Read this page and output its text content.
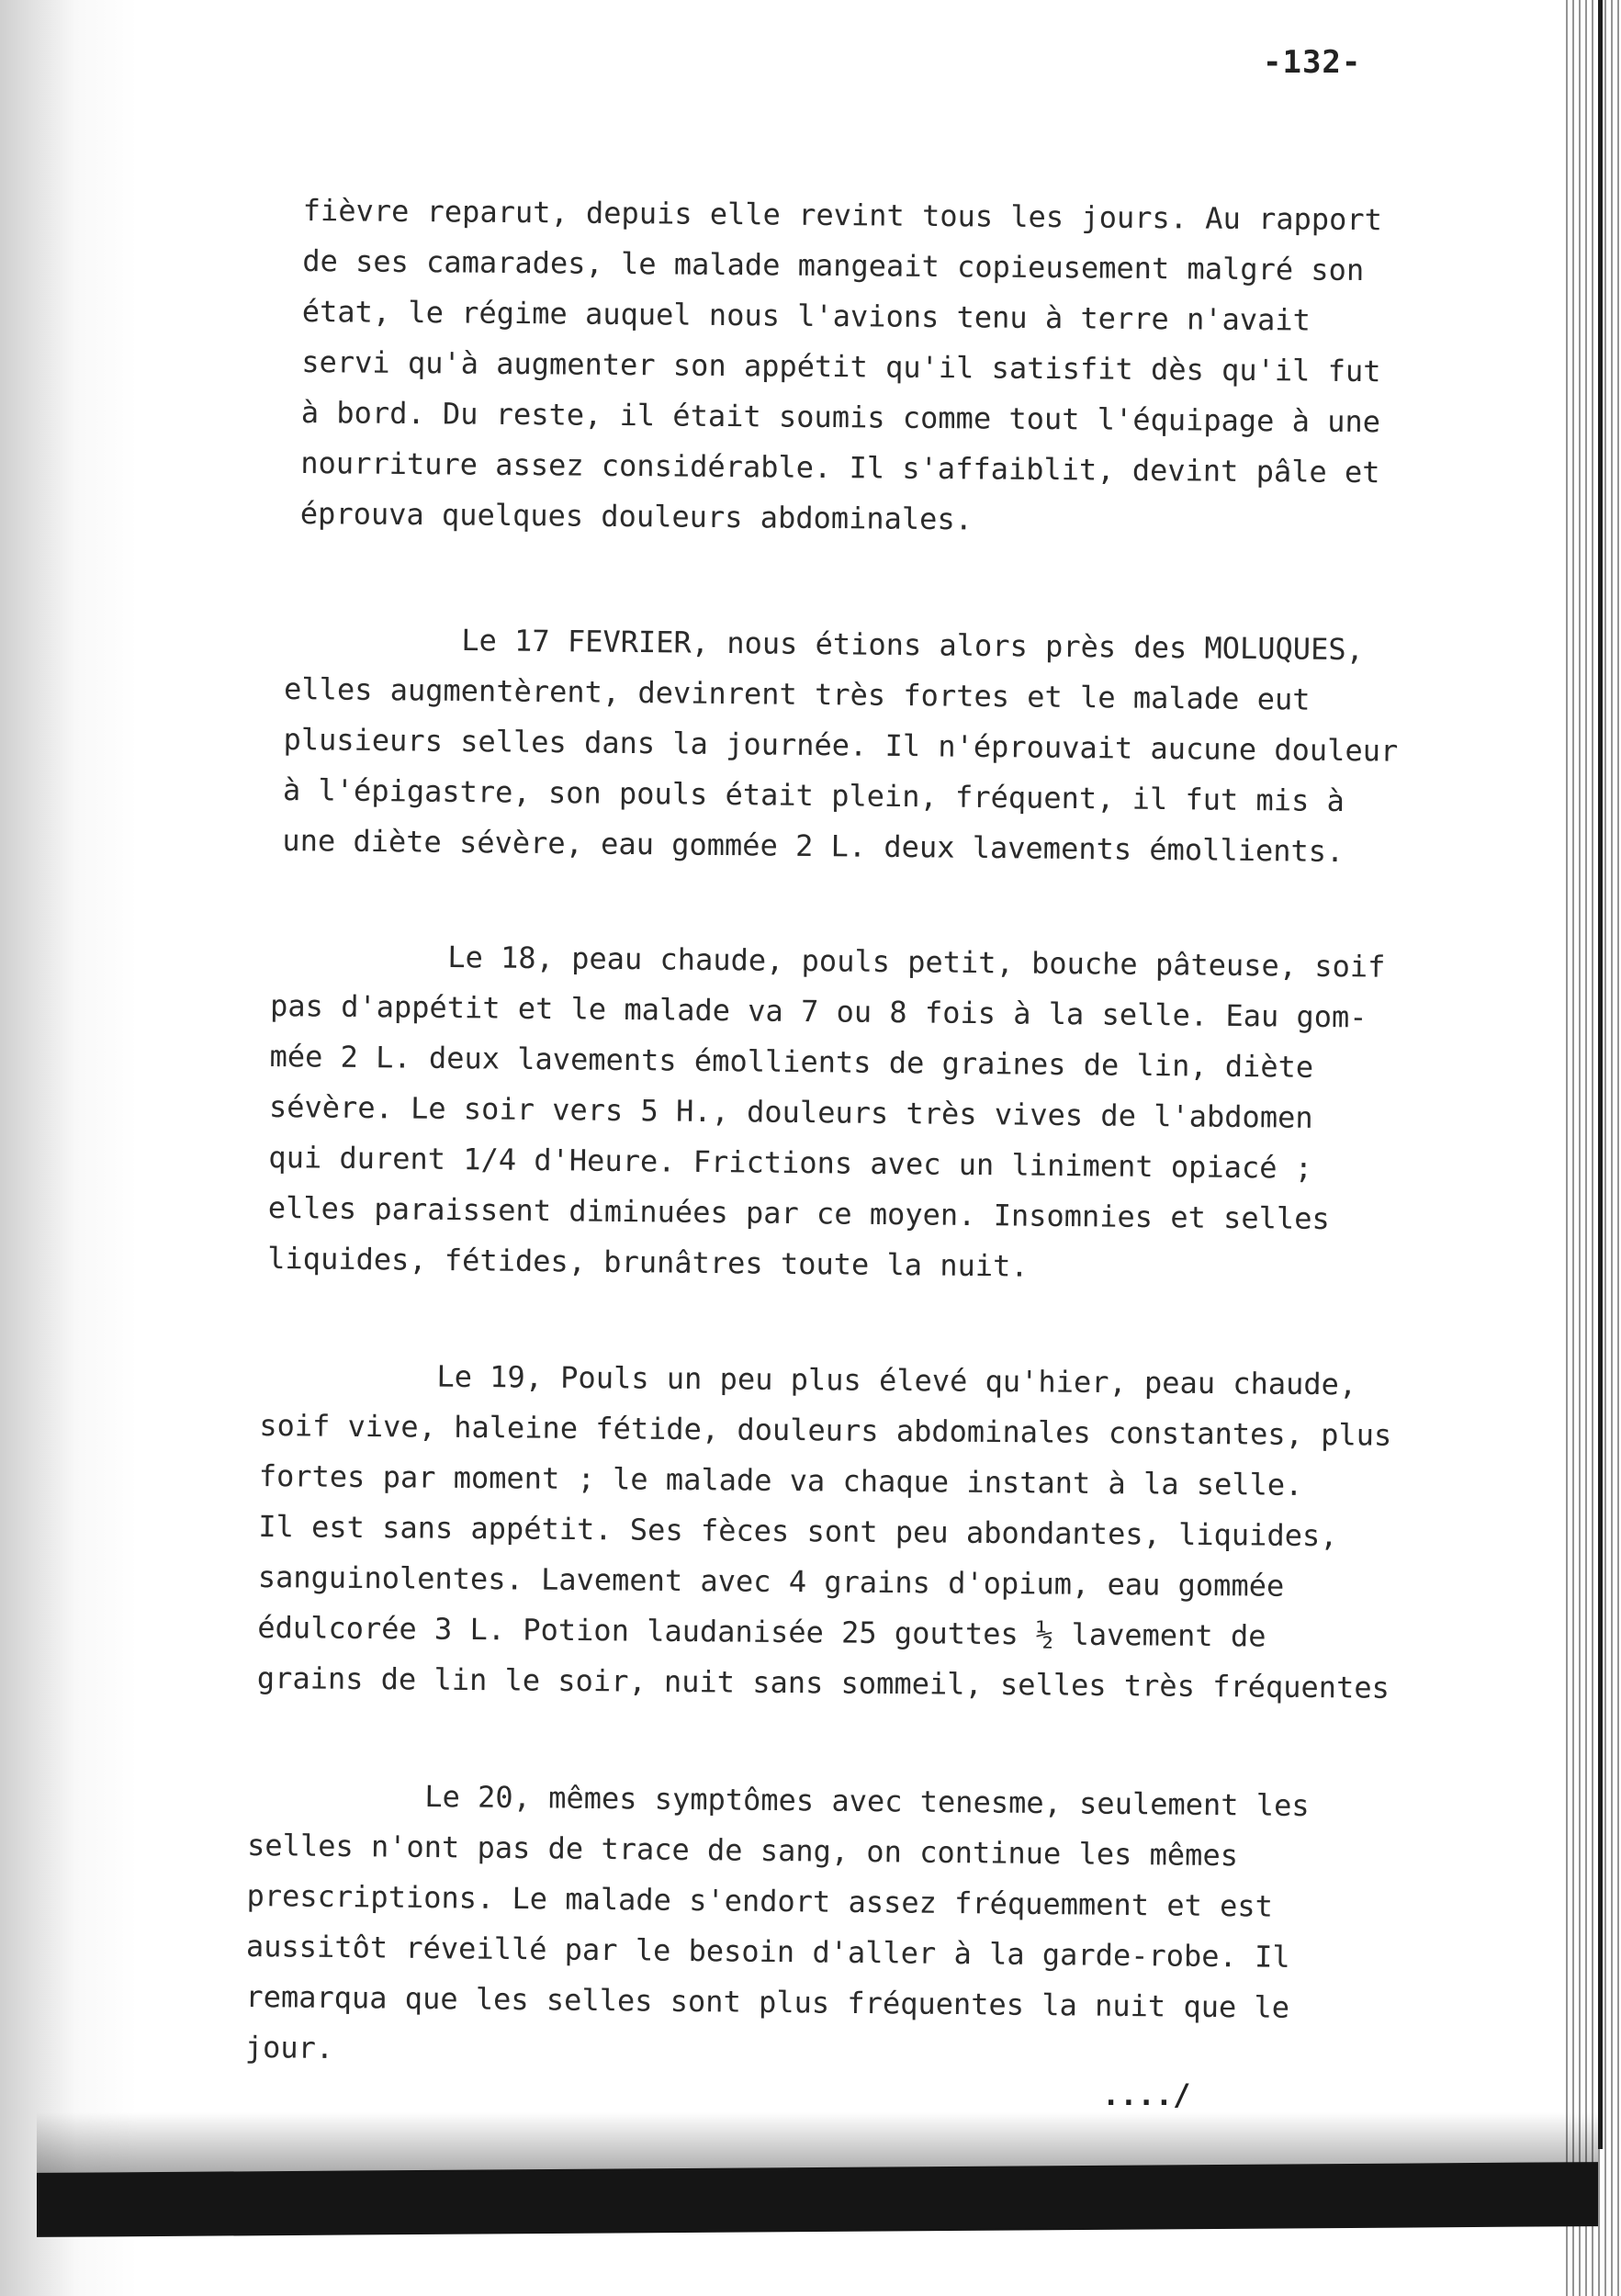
-132-
fièvre reparut, depuis elle revint tous les jours. Au rapport
de ses camarades, le malade mangeait copieusement malgré son
état, le régime auquel nous l'avions tenu à terre n'avait
servi qu'à augmenter son appétit qu'il satisfit dès qu'il fut
à bord. Du reste, il était soumis comme tout l'équipage à une
nourriture assez considérable. Il s'affaiblit, devint pâle et
éprouva quelques douleurs abdominales.
Le 17 FEVRIER, nous étions alors près des MOLUQUES,
elles augmentèrent, devinrent très fortes et le malade eut
plusieurs selles dans la journée. Il n'éprouvait aucune douleur
à l'épigastre, son pouls était plein, fréquent, il fut mis à
une diète sévère, eau gommée 2 L. deux lavements émollients.
Le 18, peau chaude, pouls petit, bouche pâteuse, soif
pas d'appétit et le malade va 7 ou 8 fois à la selle. Eau gom-
mée 2 L. deux lavements émollients de graines de lin, diète
sévère. Le soir vers 5 H., douleurs très vives de l'abdomen
qui durent 1/4 d'Heure. Frictions avec un liniment opiacé ;
elles paraissent diminuées par ce moyen. Insomnies et selles
liquides, fétides, brunâtres toute la nuit.
Le 19, Pouls un peu plus élevé qu'hier, peau chaude,
soif vive, haleine fétide, douleurs abdominales constantes, plus
fortes par moment ; le malade va chaque instant à la selle.
Il est sans appétit. Ses fèces sont peu abondantes, liquides,
sanguinolentes. Lavement avec 4 grains d'opium, eau gommée
édulcorée 3 L. Potion laudanisée 25 gouttes ½ lavement de
grains de lin le soir, nuit sans sommeil, selles très fréquentes
Le 20, mêmes symptômes avec tenesme, seulement les
selles n'ont pas de trace de sang, on continue les mêmes
prescriptions. Le malade s'endort assez fréquemment et est
aussitôt réveillé par le besoin d'aller à la garde-robe. Il
remarqua que les selles sont plus fréquentes la nuit que le
jour.
..../
